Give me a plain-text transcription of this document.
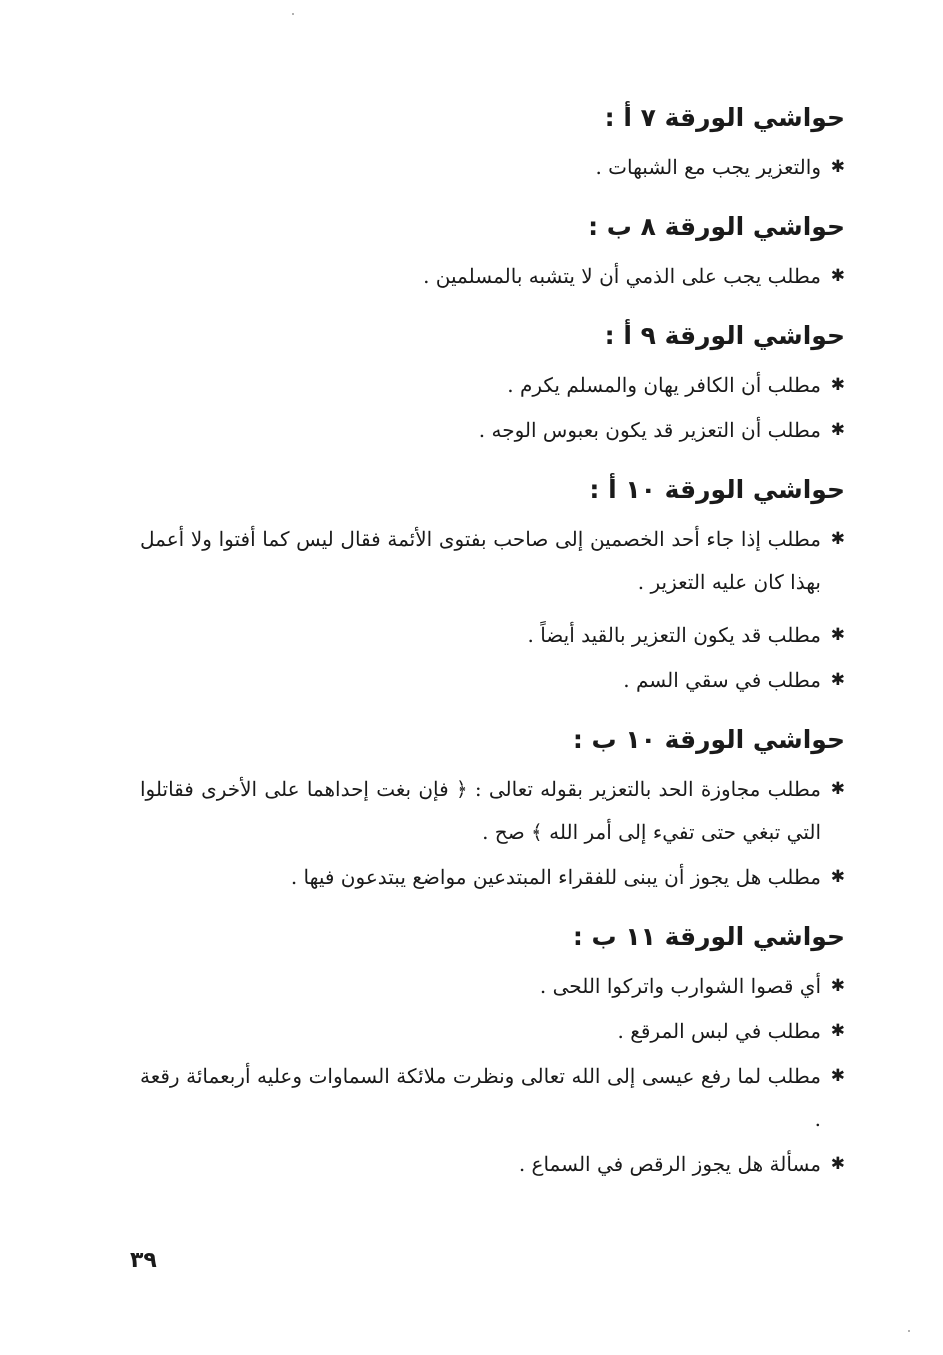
حواشي الورقة ٧ أ :
✱
والتعزير يجب مع الشبهات .
حواشي الورقة ٨ ب :
✱
مطلب يجب على الذمي أن لا يتشبه بالمسلمين .
حواشي الورقة ٩ أ :
✱
مطلب أن الكافر يهان والمسلم يكرم .
✱
مطلب أن التعزير قد يكون بعبوس الوجه .
حواشي الورقة ١٠ أ :
✱
مطلب إذا جاء أحد الخصمين إلى صاحب بفتوى الأئمة فقال ليس كما أفتوا ولا أعمل بهذا كان عليه التعزير .
✱
مطلب قد يكون التعزير بالقيد أيضاً .
✱
مطلب في سقي السم .
حواشي الورقة ١٠ ب :
✱
مطلب مجاوزة الحد بالتعزير بقوله تعالى : ﴿ فإن بغت إحداهما على الأخرى فقاتلوا التي تبغي حتى تفيء إلى أمر الله ﴾ صح .
✱
مطلب هل يجوز أن يبنى للفقراء المبتدعين مواضع يبتدعون فيها .
حواشي الورقة ١١ ب :
✱
أي قصوا الشوارب واتركوا اللحى .
✱
مطلب في لبس المرقع .
✱
مطلب لما رفع عيسى إلى الله تعالى ونظرت ملائكة السماوات وعليه أربعمائة رقعة .
✱
مسألة هل يجوز الرقص في السماع .
٣٩
